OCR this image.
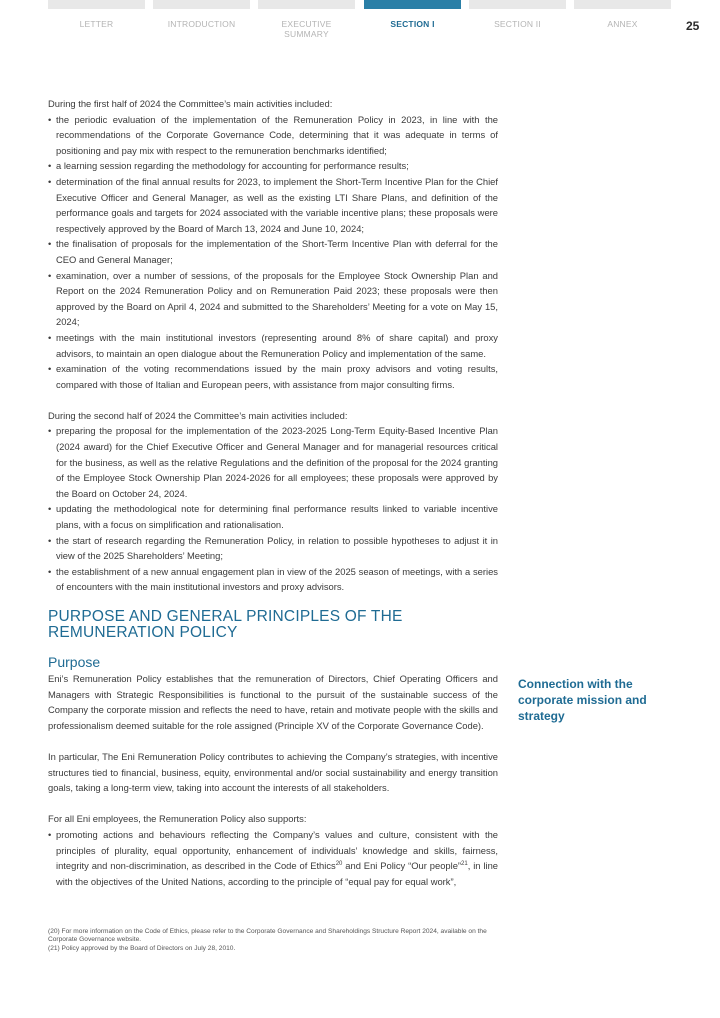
LETTER	INTRODUCTION	EXECUTIVE SUMMARY
SECTION I	SECTION II	ANNEX	25

During the first half of 2024 the Committee’s main activities included:

• the periodic evaluation of the implementation of the Remuneration Policy in 2023, in line with the recommendations of the Corporate Governance Code, determining that it was adequate in terms of positioning and pay mix with respect to the remuneration benchmarks identified;
• a learning session regarding the methodology for accounting for performance results;
• determination of the final annual results for 2023, to implement the Short-Term Incentive Plan for the Chief Executive Officer and General Manager, as well as the existing LTI Share Plans, and definition of the performance goals and targets for 2024 associated with the variable incentive plans; these proposals were respectively approved by the Board of March 13, 2024 and June 10, 2024;
• the finalisation of proposals for the implementation of the Short-Term Incentive Plan with deferral for the CEO and General Manager;
• examination, over a number of sessions, of the proposals for the Employee Stock Ownership Plan and Report on the 2024 Remuneration Policy and on Remuneration Paid 2023; these proposals were then approved by the Board on April 4, 2024 and submitted to the Shareholders’ Meeting for a vote on May 15, 2024;
• meetings with the main institutional investors (representing around 8% of share capital) and proxy advisors, to maintain an open dialogue about the Remuneration Policy and implementation of the same.
• examination of the voting recommendations issued by the main proxy advisors and voting results, compared with those of Italian and European peers, with assistance from major consulting firms.

During the second half of 2024 the Committee’s main activities included:

• preparing the proposal for the implementation of the 2023-2025 Long-Term Equity-Based Incentive Plan (2024 award) for the Chief Executive Officer and General Manager and for managerial resources critical for the business, as well as the relative Regulations and the definition of the proposal for the 2024 granting of the Employee Stock Ownership Plan 2024-2026 for all employees; these proposals were approved by the Board on October 24, 2024.
• updating the methodological note for determining final performance results linked to variable incentive plans, with a focus on simplification and rationalisation.
• the start of research regarding the Remuneration Policy, in relation to possible hypotheses to adjust it in view of the 2025 Shareholders’ Meeting;
• the establishment of a new annual engagement plan in view of the 2025 season of meetings, with a series of encounters with the main institutional investors and proxy advisors.
PURPOSE AND GENERAL PRINCIPLES OF THE
REMUNERATION POLICY
Purpose

Eni’s Remuneration Policy establishes that the remuneration of Directors, Chief Operating Officers and Managers with Strategic Responsibilities is functional to the pursuit of the sustainable success of the Company the corporate mission and reflects the need to have, retain and motivate people with the skills and professionalism deemed suitable for the role assigned (Principle XV of the Corporate Governance Code).

In particular, The Eni Remuneration Policy contributes to achieving the Company’s strategies, with incentive structures tied to financial, business, equity, environmental and/or social sustainability and energy transition goals, taking a long-term view, taking into account the interests of all stakeholders.

For all Eni employees, the Remuneration Policy also supports:

• promoting actions and behaviours reflecting the Company’s values and culture, consistent with the principles of plurality, equal opportunity, enhancement of individuals’ knowledge and skills, fairness, integrity and non-discrimination, as described in the Code of Ethics$^{20}$ and Eni Policy “Our people”$^{21}$, in line with the objectives of the United Nations, according to the principle of “equal pay for equal work”,
Connection with the corporate mission and strategy

(20) For more information on the Code of Ethics, please refer to the Corporate Governance and Shareholdings Structure Report 2024, available on the Corporate Governance website.

(21) Policy approved by the Board of Directors on July 28, 2010.
